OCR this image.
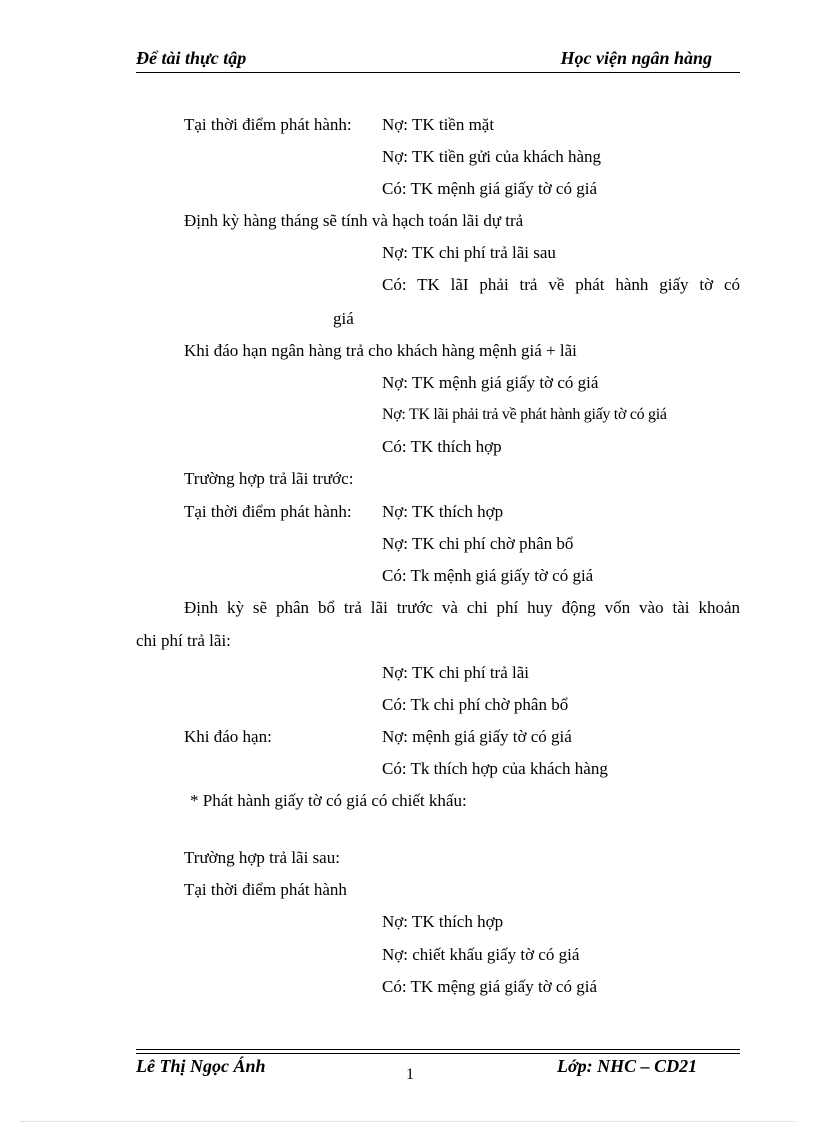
Để tài thực tập	Học viện ngân hàng
Tại thời điểm phát hành: Nợ: TK tiền mặt
Nợ: TK tiền gửi của khách hàng
Có: TK mệnh giá giấy tờ có giá
Định kỳ hàng tháng sẽ tính và hạch toán lãi dự trả
Nợ: TK chi phí trả lãi sau
Có: TK lãI phải trả về phát hành giấy tờ có
giá
Khi đáo hạn ngân hàng trả cho khách hàng mệnh giá + lãi
Nợ: TK mệnh giá giấy tờ có giá
Nợ: TK lãi phải trả về phát hành giấy tờ có giá
Có: TK thích hợp
Trường hợp trả lãi trước:
Tại thời điểm phát hành: Nợ: TK thích hợp
Nợ: TK chi phí chờ phân bổ
Có: Tk mệnh giá giấy tờ có giá
Định kỳ sẽ phân bổ trả lãi trước và chi phí huy động vốn vào tài khoản
chi phí trả lãi:
Nợ: TK chi phí trả lãi
Có: Tk chi phí chờ phân bổ
Khi đáo hạn:	Nợ: mệnh giá giấy tờ có giá
Có: Tk thích hợp của khách hàng
* Phát hành giấy tờ có giá có chiết khấu:
Trường hợp trả lãi sau:
Tại thời điểm phát hành
Nợ: TK thích hợp
Nợ: chiết khấu giấy tờ có giá
Có: TK mệng giá giấy tờ có giá
Lê Thị Ngọc Ánh	Lớp: NHC – CD21
1
